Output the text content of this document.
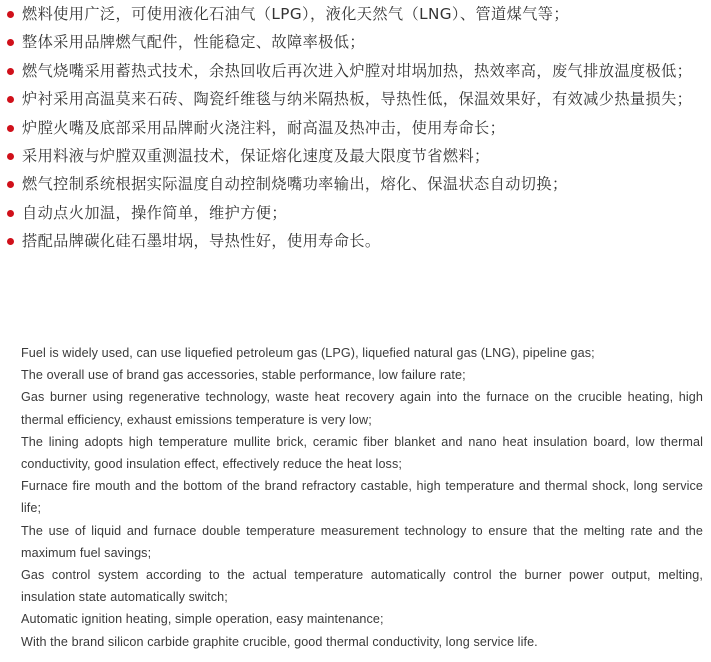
燃料使用广泛，可使用液化石油气（LPG），液化天然气（LNG）、管道煤气等；
整体采用品牌燃气配件，性能稳定、故障率极低；
燃气烧嘴采用蓄热式技术，余热回收后再次进入炉膛对坩埚加热，热效率高，废气排放温度极低；
炉衬采用高温莫来石砖、陶瓷纤维毯与纳米隔热板，导热性低，保温效果好，有效减少热量损失；
炉膛火嘴及底部采用品牌耐火浇注料，耐高温及热冲击，使用寿命长；
采用料液与炉膛双重测温技术，保证熔化速度及最大限度节省燃料；
燃气控制系统根据实际温度自动控制烧嘴功率输出，熔化、保温状态自动切换；
自动点火加温，操作简单，维护方便；
搭配品牌碳化硅石墨坩埚，导热性好，使用寿命长。

Fuel is widely used, can use liquefied petroleum gas (LPG), liquefied natural gas (LNG), pipeline gas;

The overall use of brand gas accessories, stable performance, low failure rate;

Gas burner using regenerative technology, waste heat recovery again into the furnace on the crucible heating, high thermal efficiency, exhaust emissions temperature is very low;

The lining adopts high temperature mullite brick, ceramic fiber blanket and nano heat insulation board, low thermal conductivity, good insulation effect, effectively reduce the heat loss;

Furnace fire mouth and the bottom of the brand refractory castable, high temperature and thermal shock, long service life;

The use of liquid and furnace double temperature measurement technology to ensure that the melting rate and the maximum fuel savings;

Gas control system according to the actual temperature automatically control the burner power output, melting, insulation state automatically switch;

Automatic ignition heating, simple operation, easy maintenance;

With the brand silicon carbide graphite crucible, good thermal conductivity, long service life.
